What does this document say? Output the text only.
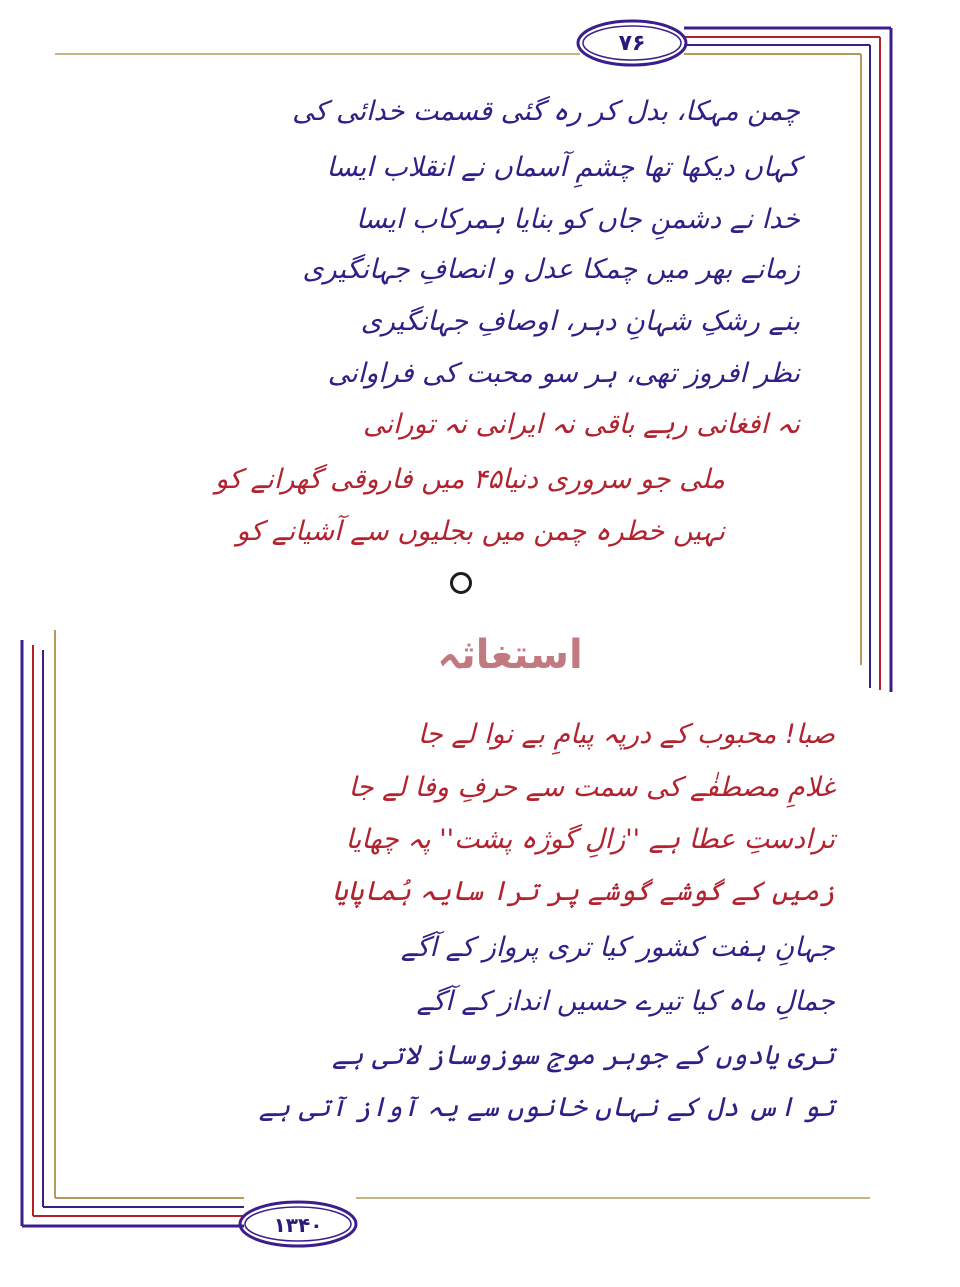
۷۶
چمن مہکا، بدل کر رہ گئی قسمت خدائی کی
کہاں دیکھا تھا چشمِ آسماں نے انقلاب ایسا
خدا نے دشمنِ جاں کو بنایا ہمرکاب ایسا
زمانے بھر میں چمکا عدل و انصافِ جہانگیری
بنے رشکِ شہانِ دہر، اوصافِ جہانگیری
نظر افروز تھی، ہر سو محبت کی فراوانی
نہ افغانی رہے باقی نہ ایرانی نہ تورانی
ملی جو سروری دنیا۴۵ میں فاروقی گھرانے کو
نہیں خطرہ چمن میں بجلیوں سے آشیانے کو
استغاثہ
صبا! محبوب کے درپہ پیامِ بے نوا لے جا
غلامِ مصطفٰے کی سمت سے حرفِ وفا لے جا
ترادستِ عطا ہے ''زالِ گوژہ پشت'' پہ چھایا
زمیں کے گوشے گوشے پر ترا سایہ ہُماپایا
جہانِ ہفت کشور کیا تری پرواز کے آگے
جمالِ ماہ کیا تیرے حسیں انداز کے آگے
تری یادوں کے جوہر موجِ سوزوساز لاتی ہے
تو اس دل کے نہاں خانوں سے یہ آواز آتی ہے
۱۳۴۰
